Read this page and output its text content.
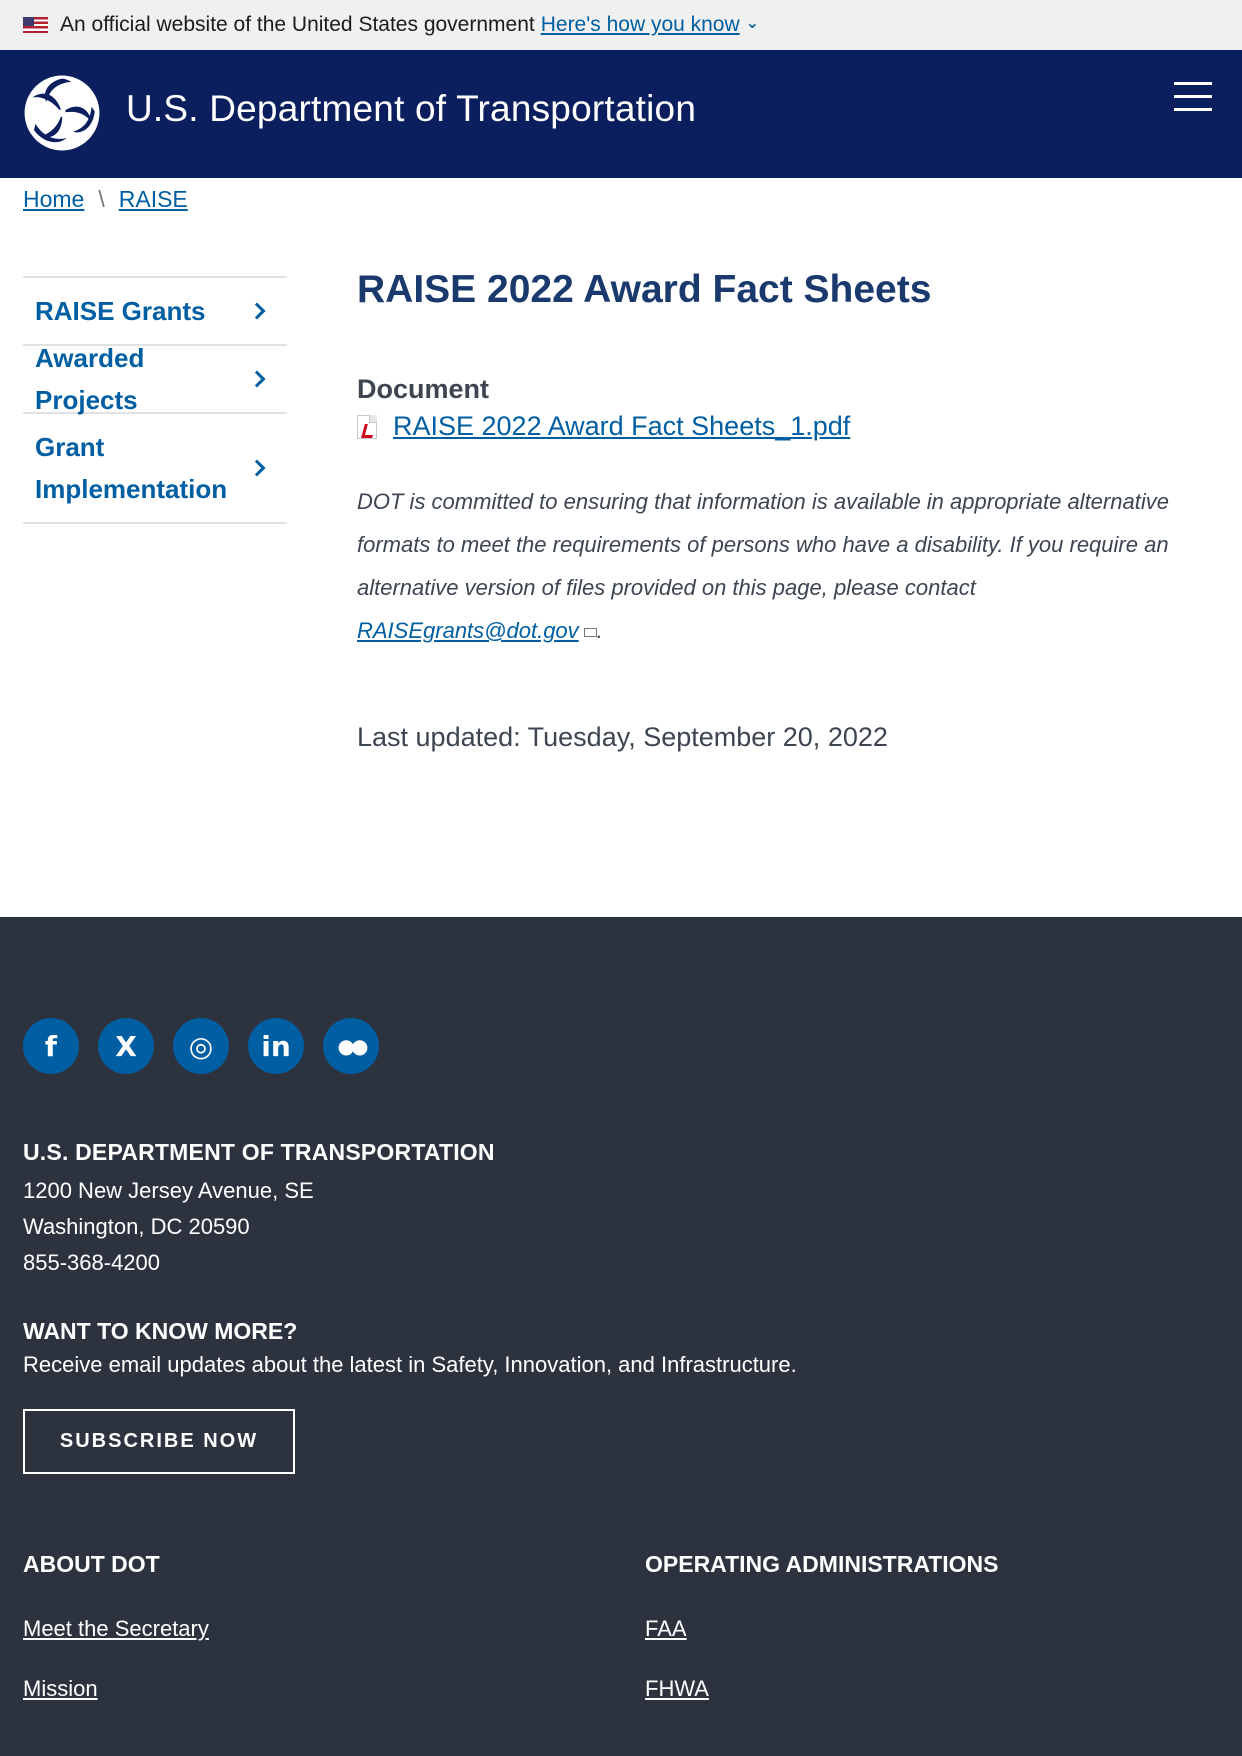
An official website of the United States government Here's how you know ⌄
U.S. Department of Transportation
Home \ RAISE
RAISE Grants
Awarded Projects
Grant
Implementation
RAISE 2022 Award Fact Sheets
Document
RAISE 2022 Award Fact Sheets_1.pdf

DOT is committed to ensuring that information is available in appropriate alternative
formats to meet the requirements of persons who have a disability. If you require an
alternative version of files provided on this page, please contact RAISEgrants@dot.gov .

Last updated: Tuesday, September 20, 2022
f	X	◎	in	●●
U.S. DEPARTMENT OF TRANSPORTATION
1200 New Jersey Avenue, SE
Washington, DC 20590
855-368-4200
WANT TO KNOW MORE?
Receive email updates about the latest in Safety, Innovation, and Infrastructure.
SUBSCRIBE NOW
ABOUT DOT
Meet the Secretary
Mission
OPERATING ADMINISTRATIONS
FAA
FHWA
